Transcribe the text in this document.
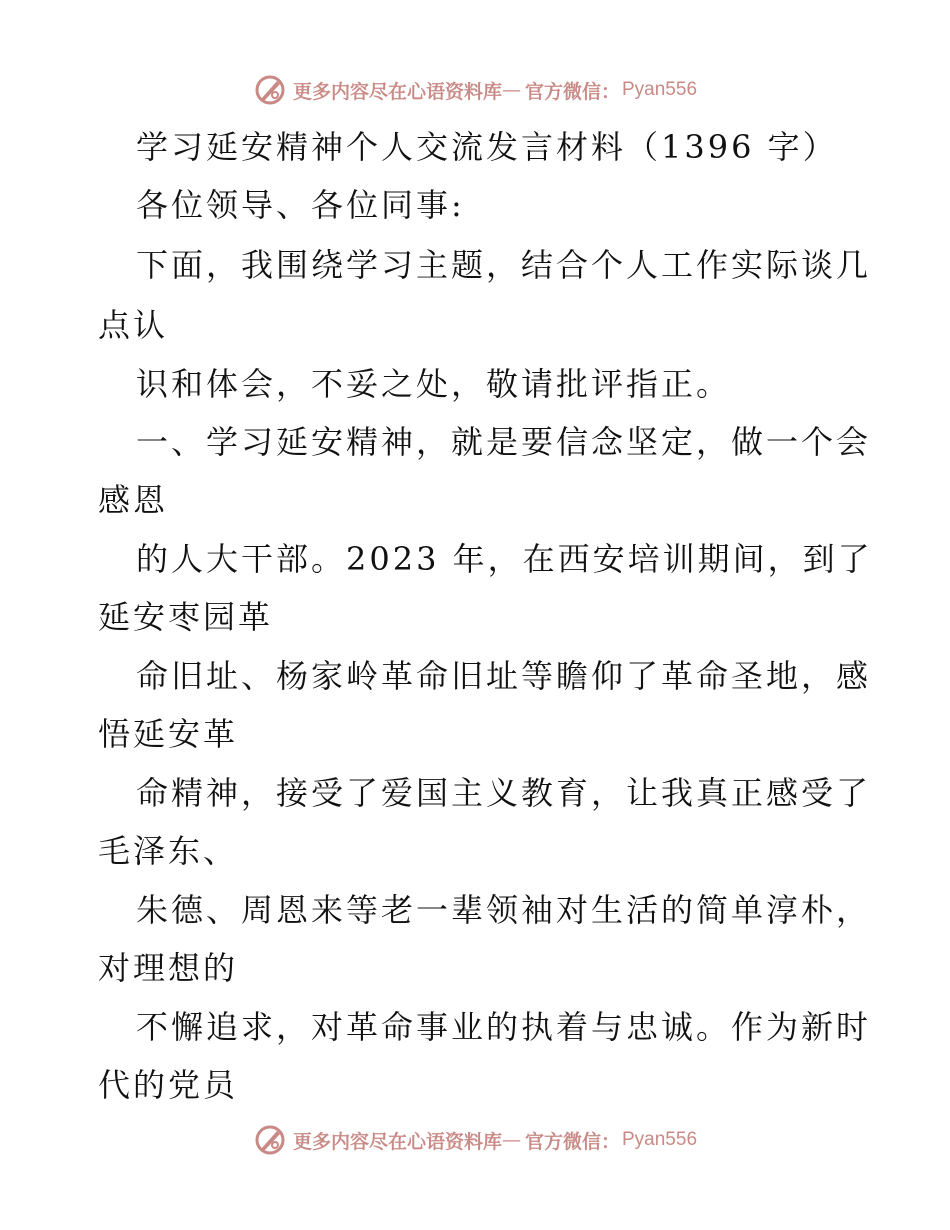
更多内容尽在心语资料库 — 官方微信： Pyan556
学习延安精神个人交流发言材料（1396 字）
各位领导、各位同事:
下面，我围绕学习主题，结合个人工作实际谈几
点认
识和体会，不妥之处，敬请批评指正。
一、学习延安精神，就是要信念坚定，做一个会
感恩
的人大干部。2023 年，在西安培训期间，到了
延安枣园革
命旧址、杨家岭革命旧址等瞻仰了革命圣地，感
悟延安革
命精神，接受了爱国主义教育，让我真正感受了
毛泽东、
朱德、周恩来等老一辈领袖对生活的简单淳朴，
对理想的
不懈追求，对革命事业的执着与忠诚。作为新时
代的党员
更多内容尽在心语资料库 — 官方微信： Pyan556
